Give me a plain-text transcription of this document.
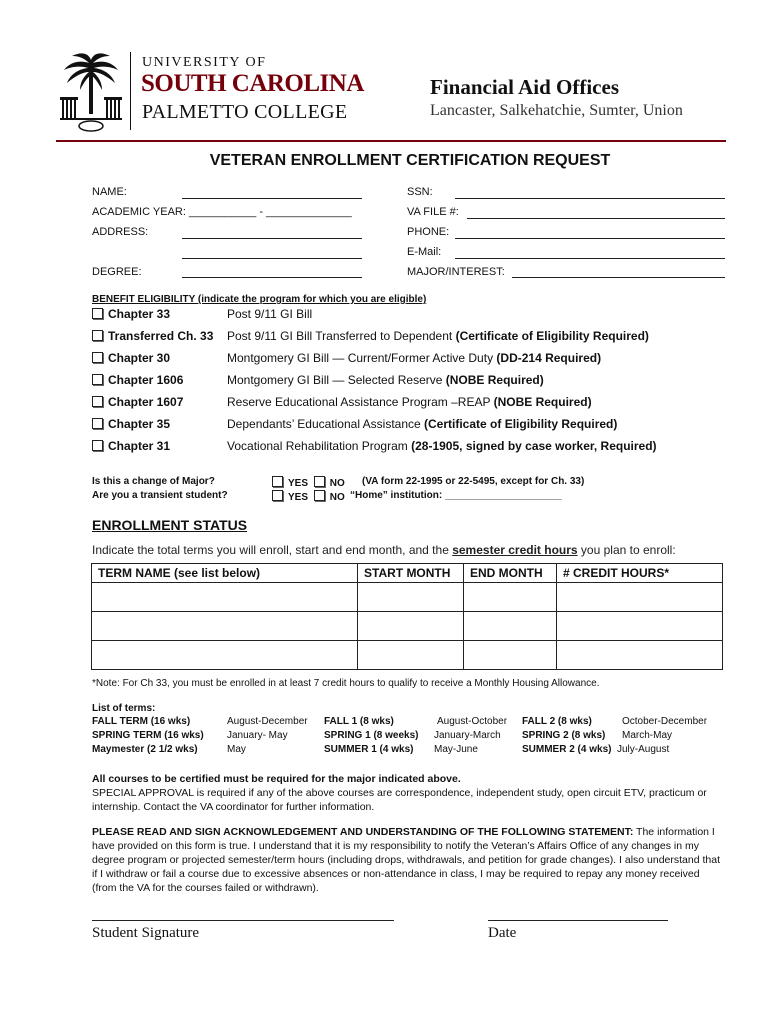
UNIVERSITY OF
SOUTH CAROLINA
PALMETTO COLLEGE
Financial Aid Offices
Lancaster, Salkehatchie, Sumter, Union
VETERAN ENROLLMENT CERTIFICATION REQUEST
NAME:	SSN:
ACADEMIC YEAR: ___________ - ______________	VA FILE #:
ADDRESS:	PHONE:
E-Mail:
DEGREE:	MAJOR/INTEREST:
BENEFIT ELIGIBILITY (indicate the program for which you are eligible)
Chapter 33	Post 9/11 GI Bill
Transferred Ch. 33 Post 9/11 GI Bill Transferred to Dependent (Certificate of Eligibility Required)
Chapter 30	Montgomery GI Bill — Current/Former Active Duty (DD-214 Required)
Chapter 1606	Montgomery GI Bill — Selected Reserve (NOBE Required)
Chapter 1607	Reserve Educational Assistance Program –REAP (NOBE Required)
Chapter 35	Dependants’ Educational Assistance (Certificate of Eligibility Required)
Chapter 31	Vocational Rehabilitation Program (28-1905, signed by case worker, Required)
Is this a change of Major?	YES NO (VA form 22-1995 or 22-5495, except for Ch. 33)
Are you a transient student?	YES NO “Home” institution: _____________________
ENROLLMENT STATUS
Indicate the total terms you will enroll, start and end month, and the semester credit hours you plan to enroll:
TERM NAME (see list below)	START MONTH	END MONTH	# CREDIT HOURS*

*Note: For Ch 33, you must be enrolled in at least 7 credit hours to qualify to receive a Monthly Housing Allowance.
List of terms:
FALL TERM (16 wks)	August-December FALL 1 (8 wks)	August-October FALL 2 (8 wks)	October-December
SPRING TERM (16 wks) January- May	SPRING 1 (8 weeks) January-March SPRING 2 (8 wks) March-May
Maymester (2 1/2 wks)	May	SUMMER 1 (4 wks) May-June	SUMMER 2 (4 wks) July-August
All courses to be certified must be required for the major indicated above.
SPECIAL APPROVAL is required if any of the above courses are correspondence, independent study, open circuit ETV, practicum or internship. Contact the VA coordinator for further information.
PLEASE READ AND SIGN ACKNOWLEDGEMENT AND UNDERSTANDING OF THE FOLLOWING STATEMENT: The information I have provided on this form is true. I understand that it is my responsibility to notify the Veteran’s Affairs Office of any changes in my degree program or projected semester/term hours (including drops, withdrawals, and petition for grade changes). I also understand that if I withdraw or fail a course due to excessive absences or non-attendance in class, I may be required to repay any money received (from the VA for the courses failed or withdrawn).
Student Signature	Date
